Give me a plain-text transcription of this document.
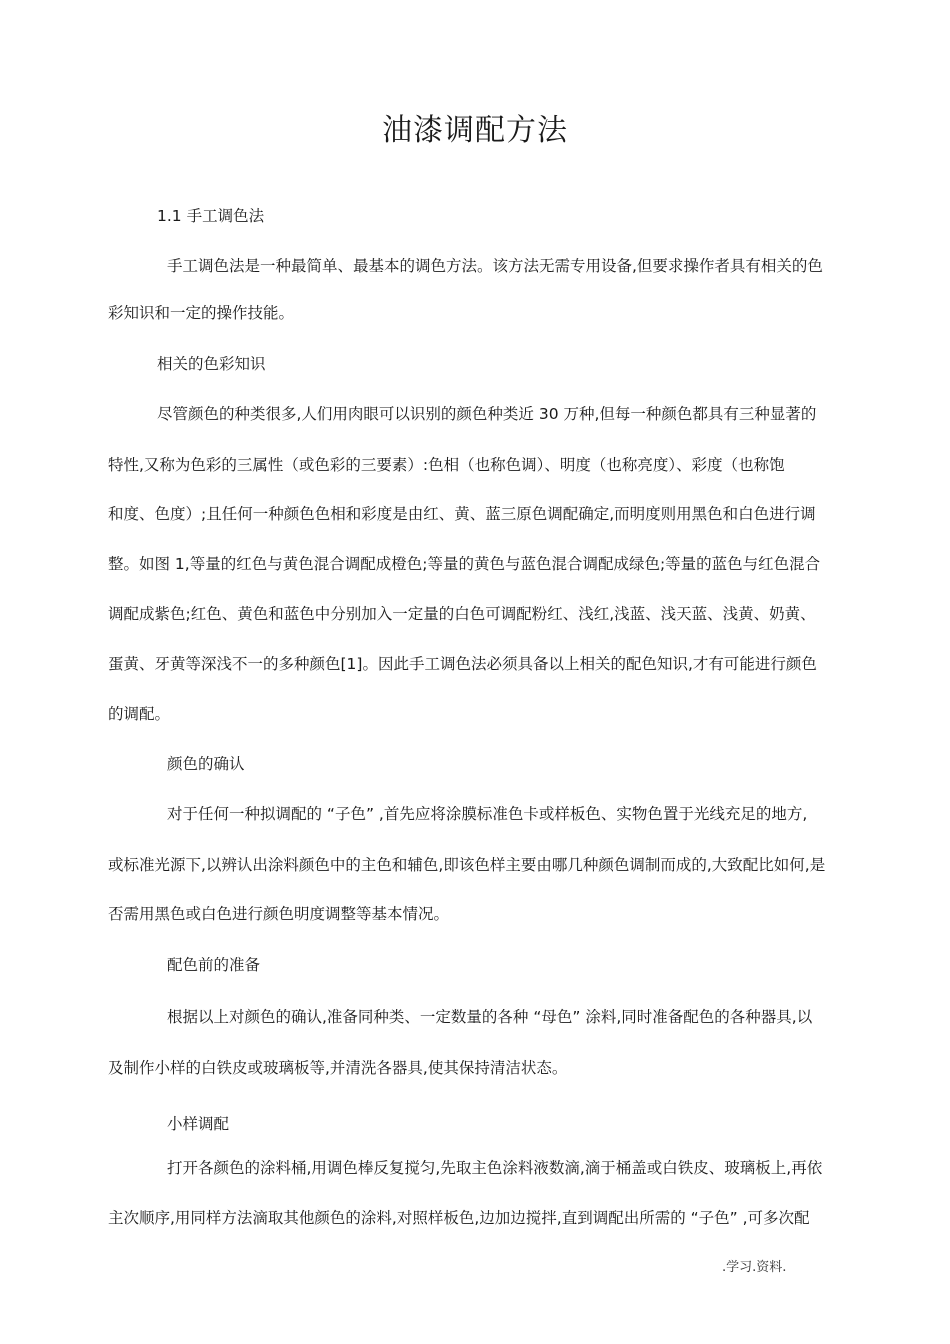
油漆调配方法

1.1 手工调色法

手工调色法是一种最简单、最基本的调色方法。该方法无需专用设备,但要求操作者具有相关的色

彩知识和一定的操作技能。

相关的色彩知识

尽管颜色的种类很多,人们用肉眼可以识别的颜色种类近 30 万种,但每一种颜色都具有三种显著的

特性,又称为色彩的三属性（或色彩的三要素）:色相（也称色调）、明度（也称亮度）、彩度（也称饱

和度、色度）;且任何一种颜色色相和彩度是由红、黄、蓝三原色调配确定,而明度则用黑色和白色进行调

整。如图 1,等量的红色与黄色混合调配成橙色;等量的黄色与蓝色混合调配成绿色;等量的蓝色与红色混合

调配成紫色;红色、黄色和蓝色中分别加入一定量的白色可调配粉红、浅红,浅蓝、浅天蓝、浅黄、奶黄、

蛋黄、牙黄等深浅不一的多种颜色[1]。因此手工调色法必须具备以上相关的配色知识,才有可能进行颜色

的调配。

颜色的确认

对于任何一种拟调配的 “子色” ,首先应将涂膜标准色卡或样板色、实物色置于光线充足的地方,

或标准光源下,以辨认出涂料颜色中的主色和辅色,即该色样主要由哪几种颜色调制而成的,大致配比如何,是

否需用黑色或白色进行颜色明度调整等基本情况。

配色前的准备

根据以上对颜色的确认,准备同种类、一定数量的各种 “母色” 涂料,同时准备配色的各种器具,以

及制作小样的白铁皮或玻璃板等,并清洗各器具,使其保持清洁状态。

小样调配

打开各颜色的涂料桶,用调色棒反复搅匀,先取主色涂料液数滴,滴于桶盖或白铁皮、玻璃板上,再依

主次顺序,用同样方法滴取其他颜色的涂料,对照样板色,边加边搅拌,直到调配出所需的 “子色” ,可多次配

.学习.资料.
